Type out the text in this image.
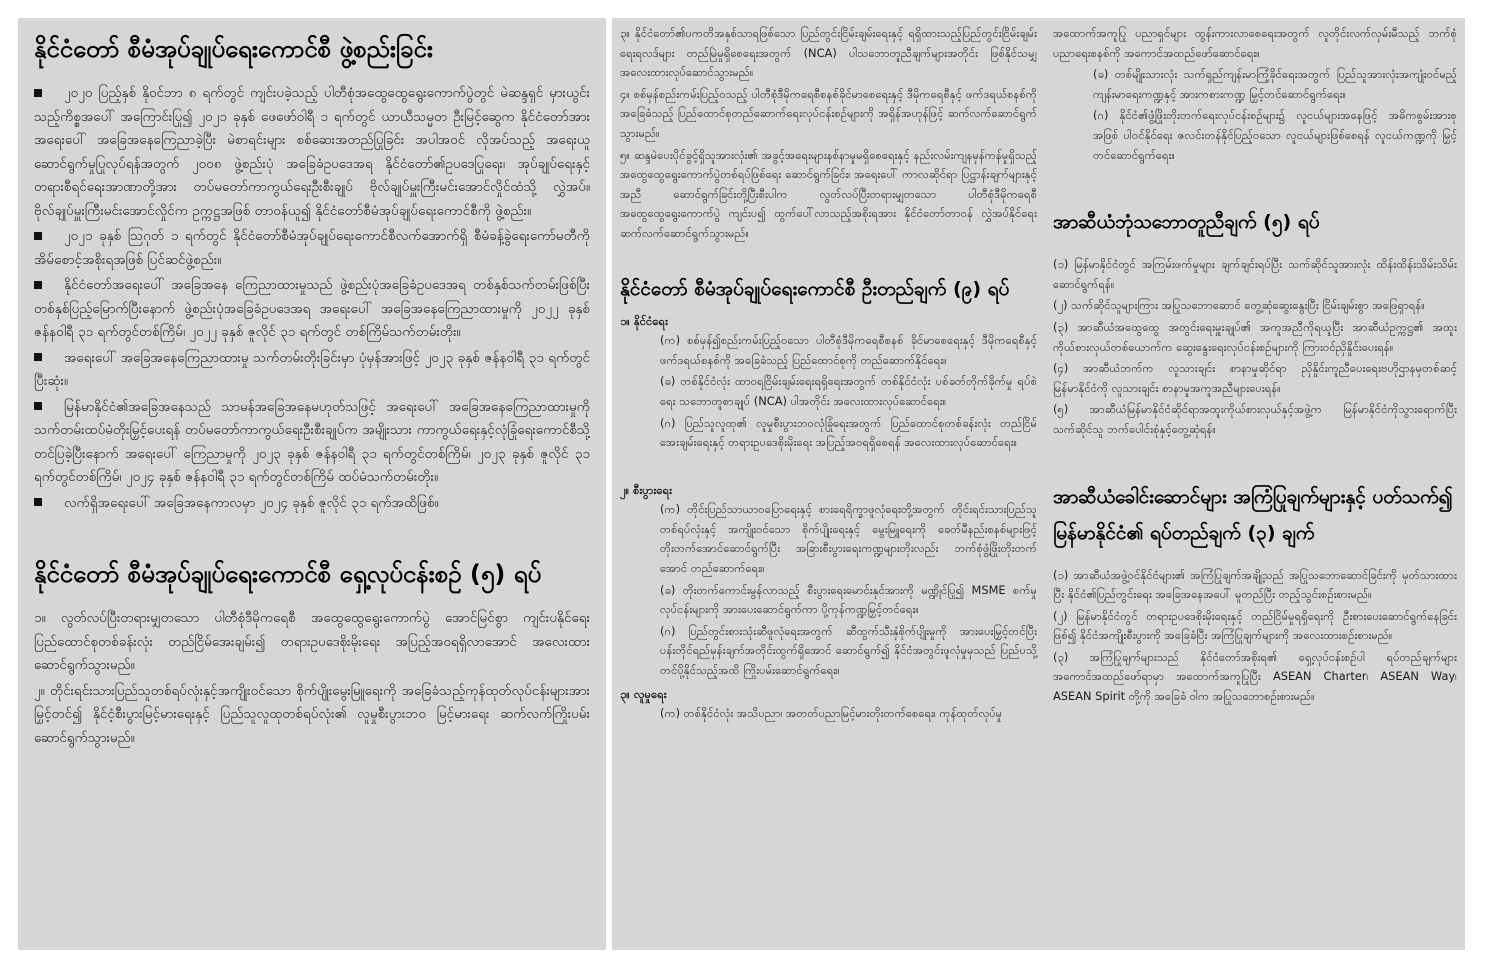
နိုင်ငံတော် စီမံအုပ်ချုပ်ရေးကောင်စီ ဖွဲ့စည်းခြင်း

၂၀၂၀ ပြည့်နှစ် နိုဝင်ဘာ ၈ ရက်တွင် ကျင်းပခဲ့သည့် ပါတီစုံအထွေထွေရွေးကောက်ပွဲတွင် မဲဆန္ဒရှင် မှားယွင်းသည့်ကိစ္စအပေါ် အကြောင်းပြု၍ ၂၀၂၁ ခုနှစ် ဖေဖော်ဝါရီ ၁ ရက်တွင် ယာယီသမ္မတ ဦးမြင့်ဆွေက နိုင်ငံတော်အား အရေးပေါ် အခြေအနေကြေညာခဲ့ပြီး မဲစာရင်းများ စစ်ဆေးအတည်ပြုခြင်း အပါအဝင် လိုအပ်သည့် အရေးယူဆောင်ရွက်မှုပြုလုပ်ရန်အတွက် ၂၀၀၈ ဖွဲ့စည်းပုံ အခြေခံဥပဒေအရ နိုင်ငံတော်၏ဥပဒေပြုရေး၊ အုပ်ချုပ်ရေးနှင့် တရားစီရင်ရေးအာဏာတို့အား တပ်မတော်ကာကွယ်ရေးဦးစီးချုပ် ဗိုလ်ချုပ်မှူးကြီးမင်းအောင်လှိုင်ထံသို့ လွှဲအပ်။ ဗိုလ်ချုပ်မှူးကြီးမင်းအောင်လှိုင်က ဥက္ကဋ္ဌအဖြစ် တာဝန်ယူ၍ နိုင်ငံတော်စီမံအုပ်ချုပ်ရေးကောင်စီကို ဖွဲ့စည်း။

၂၀၂၁ ခုနှစ် ဩဂုတ် ၁ ရက်တွင် နိုင်ငံတော်စီမံအုပ်ချုပ်ရေးကောင်စီလက်အောက်ရှိ စီမံခန့်ခွဲရေးကော်မတီကို အိမ်စောင့်အစိုးရအဖြစ် ပြင်ဆင်ဖွဲ့စည်း။

နိုင်ငံတော်အရေးပေါ် အခြေအနေ ကြေညာထားမှုသည် ဖွဲ့စည်းပုံအခြေခံဥပဒေအရ တစ်နှစ်သက်တမ်းဖြစ်ပြီး တစ်နှစ်ပြည့်မြောက်ပြီးနောက် ဖွဲ့စည်းပုံအခြေခံဥပဒေအရ အရေးပေါ် အခြေအနေကြေညာထားမှုကို ၂၀၂၂ ခုနှစ် ဇန်နဝါရီ ၃၁ ရက်တွင်တစ်ကြိမ်၊ ၂၀၂၂ ခုနှစ် ဇူလိုင် ၃၁ ရက်တွင် တစ်ကြိမ်သက်တမ်းတိုး။

အရေးပေါ် အခြေအနေကြေညာထားမှု သက်တမ်းတိုးခြင်းမှာ ပုံမှန်အားဖြင့် ၂၀၂၃ ခုနှစ် ဇန်နဝါရီ ၃၁ ရက်တွင်ပြီးဆုံး။

မြန်မာနိုင်ငံ၏အခြေအနေသည် သာမန်အခြေအနေမဟုတ်သဖြင့် အရေးပေါ် အခြေအနေကြေညာထားမှုကို သက်တမ်းထပ်မံတိုးမြှင့်ပေးရန် တပ်မတော်ကာကွယ်ရေးဦးစီးချုပ်က အမျိုးသား ကာကွယ်ရေးနှင့်လုံခြုံရေးကောင်စီသို့ တင်ပြခဲ့ပြီးနောက် အရေးပေါ် ကြေညာမှုကို ၂၀၂၃ ခုနှစ် ဇန်နဝါရီ ၃၁ ရက်တွင်တစ်ကြိမ်၊ ၂၀၂၃ ခုနှစ် ဇူလိုင် ၃၁ ရက်တွင်တစ်ကြိမ်၊ ၂၀၂၄ ခုနှစ် ဇန်နဝါရီ ၃၁ ရက်တွင်တစ်ကြိမ် ထပ်မံသက်တမ်းတိုး။

လက်ရှိအရေးပေါ် အခြေအနေကာလမှာ ၂၀၂၄ ခုနှစ် ဇူလိုင် ၃၁ ရက်အထိဖြစ်။

နိုင်ငံတော် စီမံအုပ်ချုပ်ရေးကောင်စီ ရှေ့လုပ်ငန်းစဉ် (၅) ရပ်

၁။ လွတ်လပ်ပြီးတရားမျှတသော ပါတီစုံဒီမိုကရေစီ အထွေထွေရွေးကောက်ပွဲ အောင်မြင်စွာ ကျင်းပနိုင်ရေးပြည်ထောင်စုတစ်ခန်းလုံး တည်ငြိမ်အေးချမ်း၍ တရားဥပဒေစိုးမိုးရေး အပြည့်အဝရရှိလာအောင် အလေးထားဆောင်ရွက်သွားမည်။

၂။ တိုင်းရင်းသားပြည်သူတစ်ရပ်လုံးနှင့်အကျိုးဝင်သော စိုက်ပျိုးမွေးမြူရေးကို အခြေခံသည့်ကုန်ထုတ်လုပ်ငန်းများအားမြှင့်တင်၍ နိုင်ငံ့စီးပွားမြင့်မားရေးနှင့် ပြည်သူလူထုတစ်ရပ်လုံး၏ လူမှုစီးပွားဘဝ မြင့်မားရေး ဆက်လက်ကြိုးပမ်းဆောင်ရွက်သွားမည်။

၃။ နိုင်ငံတော်၏ပကတိအနှစ်သာရဖြစ်သော ပြည်တွင်းငြိမ်းချမ်းရေးနှင့် ရရှိထားသည့်ပြည်တွင်းငြိမ်းချမ်းရေးရလဒ်များ တည်မြဲမှုရှိစေရေးအတွက် (NCA) ပါသဘောတူညီချက်များအတိုင်း ဖြစ်နိုင်သမျှ အလေးထားလုပ်ဆောင်သွားမည်။

၄။ စစ်မှန်စည်းကမ်းပြည့်ဝသည့် ပါတီစုံဒီမိုကရေစီစနစ်ခိုင်မာစေရေးနှင့် ဒီမိုကရေစီနှင့် ဖက်ဒရယ်စနစ်ကို အခြေခံသည့် ပြည်ထောင်စုတည်ဆောက်ရေးလုပ်ငန်းစဉ်များကို အရှိန်အဟုန်ဖြင့် ဆက်လက်ဆောင်ရွက်သွားမည်။

၅။ ဆန္ဒမဲပေးပိုင်ခွင့်ရှိသူအားလုံး၏ အခွင့်အရေးများနစ်နာမှုမရှိစေရေးနှင့် နည်းလမ်းကျနမှန်ကန်မှုရှိသည့် အထွေထွေရွေးကောက်ပွဲတစ်ရပ်ဖြစ်ရေး ဆောင်ရွက်ခြင်း၊ အရေးပေါ် ကာလဆိုင်ရာ ပြဋ္ဌာန်းချက်များနှင့်အညီ ဆောင်ရွက်ခြင်းတို့ပြီးစီးပါက လွတ်လပ်ပြီးတရားမျှတသော ပါတီစုံဒီမိုကရေစီ အထွေထွေရွေးကောက်ပွဲ ကျင်းပ၍ ထွက်ပေါ်လာသည့်အစိုးရအား နိုင်ငံတော်တာဝန် လွှဲအပ်နိုင်ရေး ဆက်လက်ဆောင်ရွက်သွားမည်။

နိုင်ငံတော် စီမံအုပ်ချုပ်ရေးကောင်စီ ဦးတည်ချက် (၉) ရပ်
၁။ နိုင်ငံရေး

(က) စစ်မှန်၍စည်းကမ်းပြည့်ဝသော ပါတီစုံဒီမိုကရေစီစနစ် ခိုင်မာစေရေးနှင့် ဒီမိုကရေစီနှင့် ဖက်ဒရယ်စနစ်ကို အခြေခံသည့် ပြည်ထောင်စုကို တည်ဆောက်နိုင်ရေး။

(ခ) တစ်နိုင်ငံလုံး ထာဝရငြိမ်းချမ်းရေးရရှိရေးအတွက် တစ်နိုင်ငံလုံး ပစ်ခတ်တိုက်ခိုက်မှု ရပ်စဲရေး သဘောတူစာချုပ် (NCA) ပါအတိုင်း အလေးထားလုပ်ဆောင်ရေး။

(ဂ) ပြည်သူလူထု၏ လူမှုစီးပွားဘဝလုံခြုံရေးအတွက် ပြည်ထောင်စုတစ်ခန်းလုံး တည်ငြိမ်အေးချမ်းရေးနှင့် တရားဥပဒေစိုးမိုးရေး အပြည့်အဝရရှိစေရန် အလေးထားလုပ်ဆောင်ရေး။

၂။ စီးပွားရေး

(က) တိုင်းပြည်သာယာဝပြောရေးနှင့် စားရေရိက္ခာဖူလုံရေးတို့အတွက် တိုင်းရင်းသားပြည်သူတစ်ရပ်လုံးနှင့် အကျိုးဝင်သော စိုက်ပျိုးရေးနှင့် မွေးမြူရေးကို ခေတ်မီနည်းစနစ်များဖြင့် တိုးတက်အောင်ဆောင်ရွက်ပြီး အခြားစီးပွားရေးကဏ္ဍများတိုးလည်း ဘက်စုံဖွံ့ဖြိုးတိုးတက်အောင် တည်ဆောက်ရေး။

(ခ) တိုးတက်ကောင်းမွန်လာသည့် စီးပွားရေးမောင်းနှင်အားကို မဏ္ဍိုင်ပြု၍ MSME စက်မှုလုပ်ငန်းများကို အားပေးဆောင်ရွက်ကာ ပို့ကုန်ကဏ္ဍမြှင့်တင်ရေး။

(ဂ) ပြည်တွင်းစားသုံးဆီဖူလုံရေးအတွက် ဆီထွက်သီးနှံစိုက်ပျိုးမှုကို အားပေးမြှင့်တင်ပြီး ပန်းတိုင်ရည်မှန်းချက်အတိုင်းထွက်ရှိအောင် ဆောင်ရွက်၍ နိုင်ငံအတွင်းဖူလုံမှုမှသည် ပြည်ပသို့ တင်ပို့နိုင်သည့်အထိ ကြိုးပမ်းဆောင်ရွက်ရေး။

၃။ လူမှုရေး

(က) တစ်နိုင်ငံလုံး အသိပညာ၊ အတတ်ပညာမြင့်မားတိုးတက်စေရေး၊ ကုန်ထုတ်လုပ်မှု

အထောက်အကူပြု ပညာရှင်များ ထွန်းကားလာစေရေးအတွက် လူတိုင်းလက်လှမ်းမီသည့် ဘက်စုံပညာရေးစနစ်ကို အကောင်အထည်ဖော်ဆောင်ရေး။

(ခ) တစ်မျိုးသားလုံး သက်ရှည်ကျန်းမာကြံ့ခိုင်ရေးအတွက် ပြည်သူအားလုံးအကျုံးဝင်မည့် ကျန်းမာရေးကဏ္ဍနှင့် အားကစားကဏ္ဍ မြှင့်တင်ဆောင်ရွက်ရေး။

(ဂ) နိုင်ငံ၏ဖွံ့ဖြိုးတိုးတက်ရေးလုပ်ငန်းစဉ်များ၌ လူငယ်များအနေဖြင့် အဓိကစွမ်းအားစုအဖြစ် ပါဝင်နိုင်ရေး ဇလင်းတန်နိုင်ပြည့်ဝသော လူငယ်များဖြစ်စေရန် လူငယ်ကဏ္ဍကို မြှင့်တင်ဆောင်ရွက်ရေး။

အာဆီယံဘုံသဘောတူညီချက် (၅) ရပ်

(၁) မြန်မာနိုင်ငံတွင် အကြမ်းဖက်မှုများ ချက်ချင်းရပ်ပြီး သက်ဆိုင်သူအားလုံး ထိန်းထိန်းသိမ်းသိမ်း ဆောင်ရွက်ရန်။

(၂) သက်ဆိုင်သူများကြား အပြုသဘောဆောင် တွေ့ဆုံဆွေးနွေးပြီး ငြိမ်းချမ်းစွာ အဖြေရှာရန်။

(၃) အာဆီယံအထွေထွေ အတွင်းရေးမှူးချုပ်၏ အကူအညီကိုရယူပြီး အာဆီယံဥက္ကဋ္ဌ၏ အထူးကိုယ်စားလှယ်တစ်ယောက်က ဆွေးနွေးရေးလုပ်ငန်းစဉ်များကို ကြားဝင်ညှိနှိုင်းပေးရန်။

(၄) အာဆီယံဘက်က လူသားချင်း စာနာမှုဆိုင်ရာ ညှိနှိုင်းကူညီပေးရေးဗဟိုဌာနမှတစ်ဆင့် မြန်မာနိုင်ငံကို လူသားချင်း စာနာမှုအကူအညီများပေးရန်။

(၅) အာဆီယံမြန်မာနိုင်ငံဆိုင်ရာအထူးကိုယ်စားလှယ်နှင့်အဖွဲ့က မြန်မာနိုင်ငံကိုသွားရောက်ပြီး သက်ဆိုင်သူ ဘက်ပေါင်းစုံနှင့်တွေ့ဆုံရန်။

အာဆီယံခေါင်းဆောင်များ အကြံပြုချက်များနှင့် ပတ်သက်၍
မြန်မာနိုင်ငံ၏ ရပ်တည်ချက် (၃) ချက်

(၁) အာဆီယံအဖွဲ့ဝင်နိုင်ငံများ၏ အကြံပြုချက်အချို့သည် အပြုသဘောဆောင်ခြင်းကို မှတ်သားထားပြီး နိုင်ငံ၏ပြည်တွင်းရေး အခြေအနေအပေါ် မူတည်ပြီး တည့်သွင်းစဉ်းစားမည်။

(၂) မြန်မာနိုင်ငံတွင် တရားဥပဒေစိုးမိုးရေးနှင့် တည်ငြိမ်မှုရရှိရေးကို ဦးစားပေးဆောင်ရွက်နေခြင်းဖြစ်၍ နိုင်ငံအကျိုးစီးပွားကို အခြေခံပြီး အကြံပြုချက်များကို အလေးထားစဉ်းစားမည်။

(၃) အကြံပြုချက်များသည် နိုင်ငံတော်အစိုးရ၏ ရှေ့လုပ်ငန်းစဉ်ပါ ရပ်တည်ချက်များ အကောင်အထည်ဖော်ရာမှာ အထောက်အကူပြုပြီး ASEAN Charter၊ ASEAN Way၊ ASEAN Spirit တို့ကို အခြေခံ ဝါက အပြုသဘောစဉ်းစားမည်။
